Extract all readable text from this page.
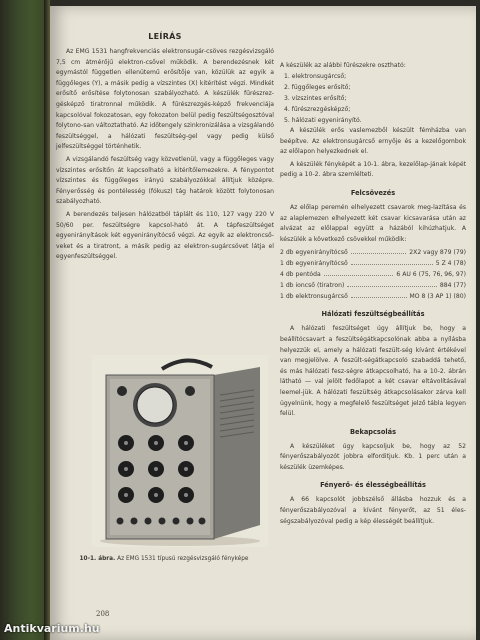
LEÍRÁS

Az EMG 1531 hangfrekvenciás elektronsugár-csöves rezgésvizsgáló 7,5 cm átmérőjű elektron-csővel működik. A berendezésnek két egymástól független ellenütemű erősítője van, közülük az egyik a függőleges (Y), a másik pedig a vízszintes (X) kitérítést végzi. Mindkét erősítő erősítése folytonosan szabályozható. A készülék fűrészrez-gésképző tiratronnal működik. A fűrészrezgés-képző frekvenciája kapcsolóval fokozatosan, egy fokozaton belül pedig feszültségosztóval folytono-san változtatható. Az időtengely szinkronizálása a vizsgálandó feszültséggel, a hálózati feszültség-gel vagy pedig külső jelfeszültséggel történhetik.

A vizsgálandó feszültség vagy közvetlenül, vagy a függőleges vagy vízszintes erősítőn át kapcsolható a kitérítőlemezekre. A fénypontot vízszintes és függőleges irányú szabályozókkal állítjuk középre. Fényerősség és pontélesség (fókusz) tág határok között folytonosan szabályozható.

A berendezés teljesen hálózatból táplált és 110, 127 vagy 220 V 50/60 per. feszültségre kapcsol-ható át. A tápfeszültséget egyenirányítások két egyenirányítócső végzi. Az egyik az elektroncső-veket és a tiratront, a másik pedig az elektron-sugárcsövet látja el egyenfeszültséggel.

10-1. ábra. Az EMG 1531 típusú rezgésvizsgáló fényképe
208

A készülék az alábbi fűrészekre osztható:

1. elektronsugárcső;
2. függőleges erősítő;
3. vízszintes erősítő;
4. fűrészrezgésképző;
5. hálózati egyenirányító.

A készülék erős vaslemezből készült fémházba van beépítve. Az elektronsugárcső ernyője és a kezelőgombok az előlapon helyezkednek el.

A készülék fényképét a 10-1. ábra, kezelőlap-jának képét pedig a 10-2. ábra szemlélteti.

Felcsövezés

Az előlap peremén elhelyezett csavarok meg-lazítása és az alaplemezen elhelyezett két csavar kicsavarása után az alvázat az előlappal együtt a házából kihúzhatjuk. A készülék a következő csövekkel működik:

2 db egyenirányítócső	2X2 vagy 879 (79)
1 db egyenirányítócső	5 Z 4 (78)
4 db pentóda	6 AU 6 (75, 76, 96, 97)
1 db ioncső (tiratron)	884 (77)
1 db elektronsugárcső	MO 8 (3 AP 1) (80)
Hálózati feszültségbeállítás

A hálózati feszültséget úgy állítjuk be, hogy a beállítócsavart a feszültségátkapcsolónak abba a nyílásba helyezzük el, amely a hálózati feszült-ség kívánt értékével van megjelölve. A feszült-ségátkapcsoló szabaddá tehető, és más hálózati fesz-ségre átkapcsolható, ha a 10-2. ábrán látható — val jelölt fedőlapot a két csavar eltávolításával leemel-jük. A hálózati feszültség átkapcsolásakor zárva kell ügyelnünk, hogy a megfelelő feszültséget jelző tábla legyen felül.

Bekapcsolás

A készüléket úgy kapcsoljuk be, hogy az 52 fényerőszabályozót jobbra elforditjuk. Kb. 1 perc után a készülék üzemképes.

Fényerő- és élességbeállítás

A 66 kapcsolót jobbszélső állásba hozzuk és a fényerőszabályozóval a kívánt fényerőt, az 51 éles-ségszabályozóval pedig a kép élességét beállítjuk.

Antikvarium.hu
